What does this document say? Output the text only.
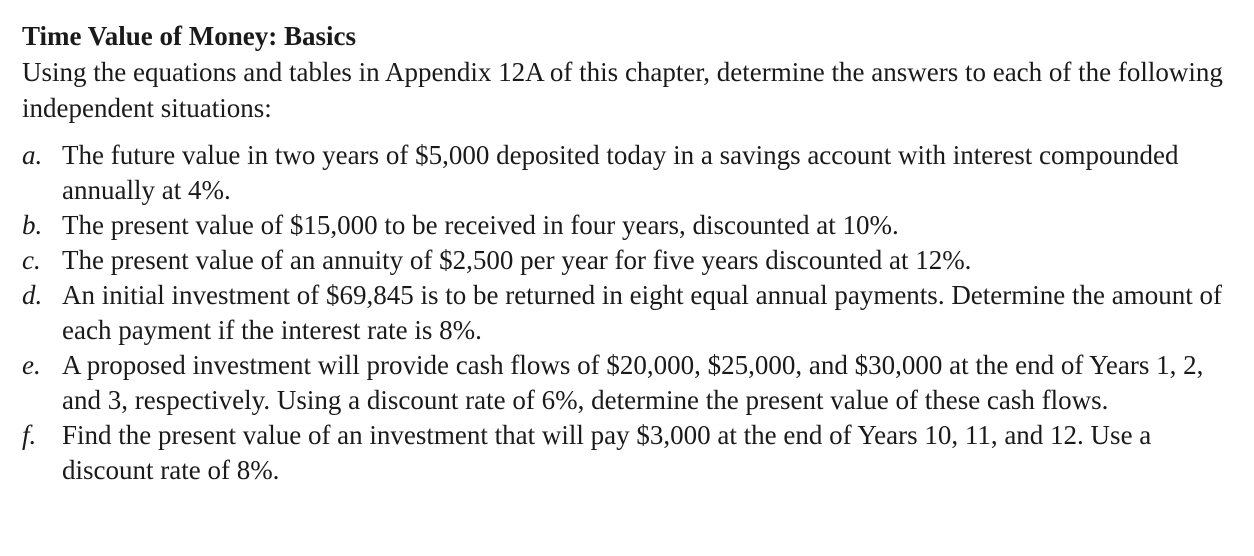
Time Value of Money: Basics

Using the equations and tables in Appendix 12A of this chapter, determine the answers to each of the following independent situations:

a. The future value in two years of $5,000 deposited today in a savings account with interest compounded annually at 4%.
b. The present value of $15,000 to be received in four years, discounted at 10%.
c. The present value of an annuity of $2,500 per year for five years discounted at 12%.
d. An initial investment of $69,845 is to be returned in eight equal annual payments. Determine the amount of each payment if the interest rate is 8%.
e. A proposed investment will provide cash flows of $20,000, $25,000, and $30,000 at the end of Years 1, 2, and 3, respectively. Using a discount rate of 6%, determine the present value of these cash flows.
f. Find the present value of an investment that will pay $3,000 at the end of Years 10, 11, and 12. Use a discount rate of 8%.
